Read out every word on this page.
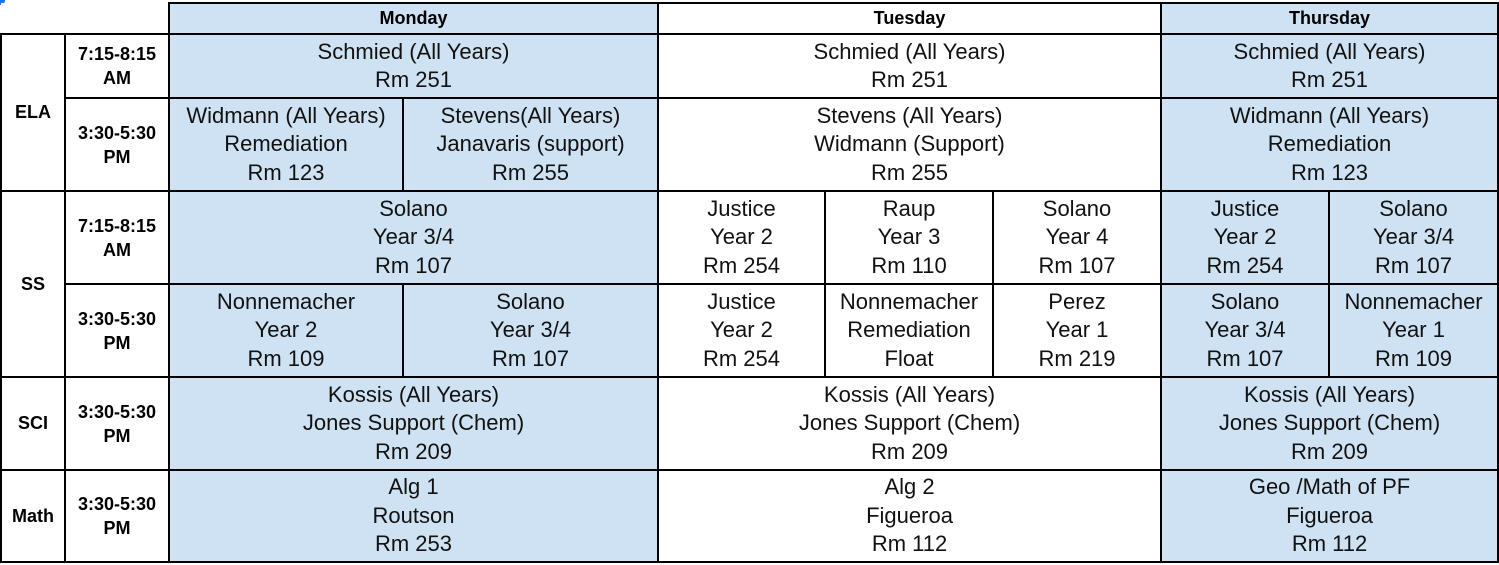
		Monday		Tuesday			Thursday	
ELA	7:15-8:15 AM	Schmied (All Years)
Rm 251		Schmied (All Years)
Rm 251			Schmied (All Years)
Rm 251	

	3:30-5:30 PM	Widmann (All Years)
Remediation
Rm 123	Stevens(All Years)
Janavaris (support)
Rm 255	Stevens (All Years)
Widmann (Support)
Rm 255			Widmann (All Years)
Remediation
Rm 123	

SS	7:15-8:15 AM	Solano
Year 3/4
Rm 107		Justice
Year 2
Rm 254	Raup
Year 3
Rm 110	Solano
Year 4
Rm 107	Justice
Year 2
Rm 254	Solano
Year 3/4
Rm 107

	3:30-5:30 PM	Nonnemacher
Year 2
Rm 109	Solano
Year 3/4
Rm 107	Justice
Year 2
Rm 254	Nonnemacher
Remediation
Float	Perez
Year 1
Rm 219	Solano
Year 3/4
Rm 107	Nonnemacher
Year 1
Rm 109

SCI	3:30-5:30 PM	Kossis (All Years)
Jones Support (Chem)
Rm 209		Kossis (All Years)
Jones Support (Chem)
Rm 209			Kossis (All Years)
Jones Support (Chem)
Rm 209	

Math	3:30-5:30 PM	Alg 1
Routson
Rm 253		Alg 2
Figueroa
Rm 112			Geo /Math of PF
Figueroa
Rm 112	
